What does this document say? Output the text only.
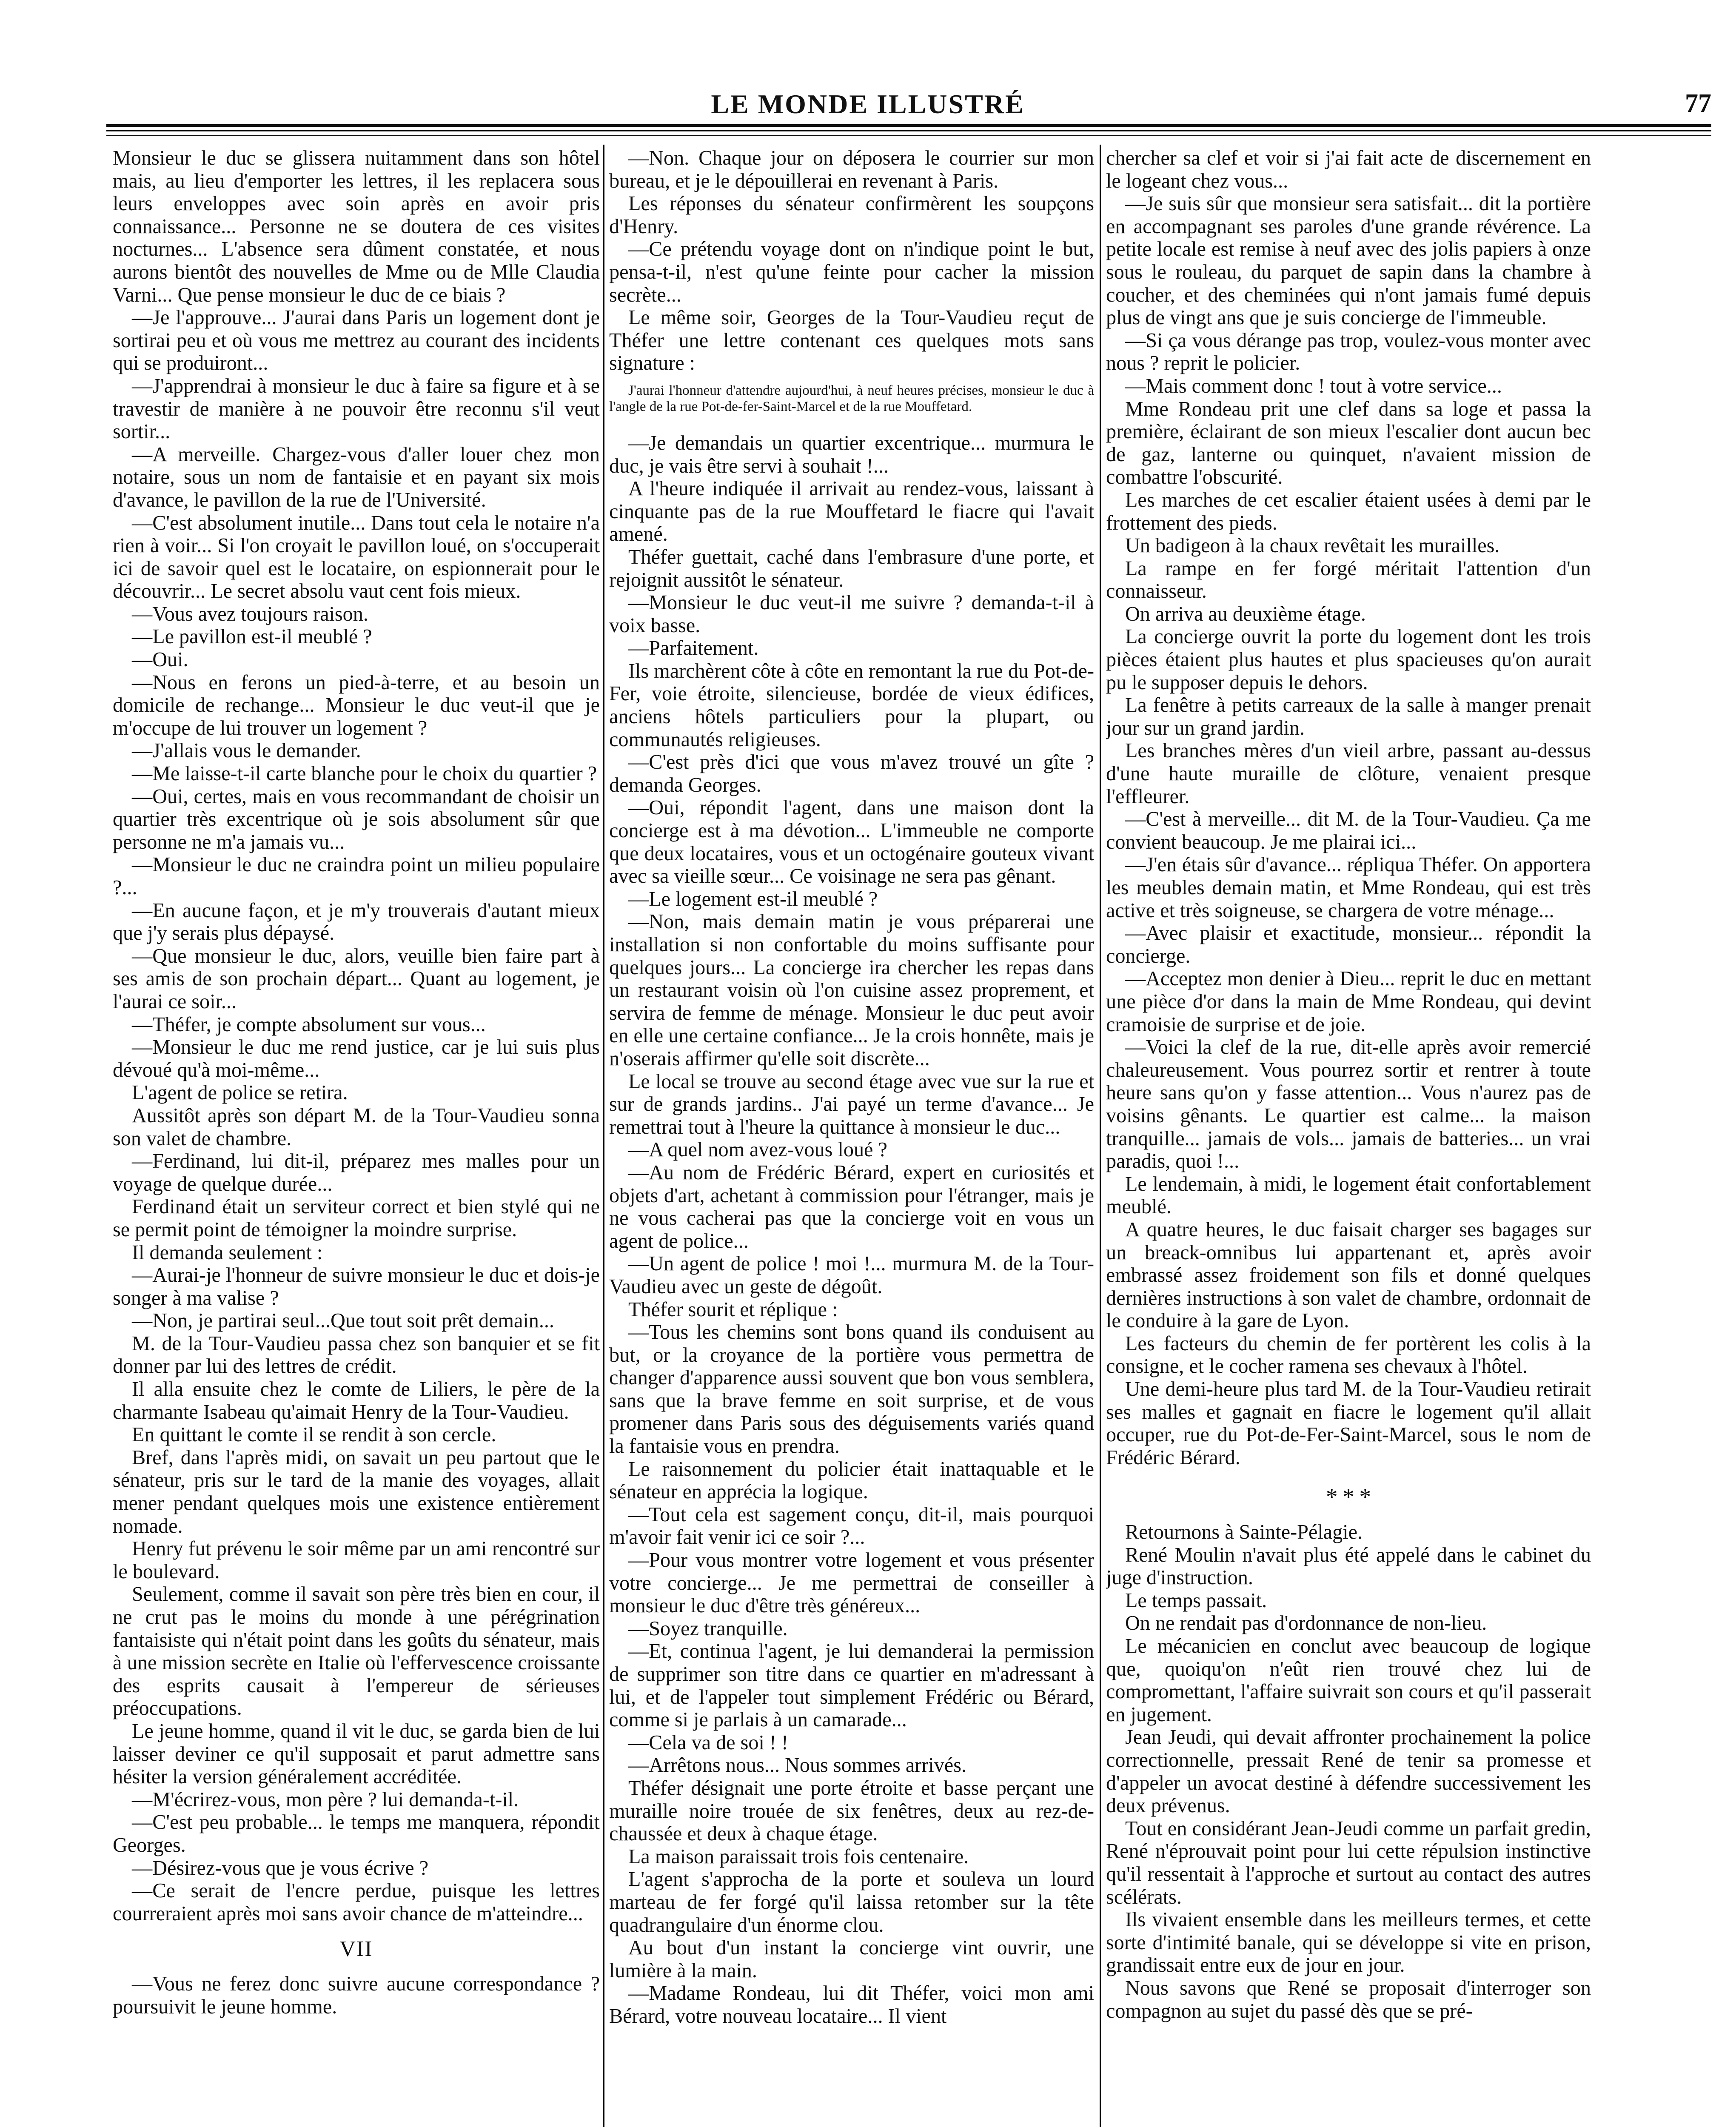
LE MONDE ILLUSTRÉ	77

Monsieur le duc se glissera nuitamment dans son hôtel mais, au lieu d'emporter les lettres, il les replacera sous leurs enveloppes avec soin après en avoir pris connaissance... Personne ne se doutera de ces visites nocturnes... L'absence sera dûment constatée, et nous aurons bientôt des nouvelles de Mme ou de Mlle Claudia Varni... Que pense monsieur le duc de ce biais ?

—Je l'approuve... J'aurai dans Paris un logement dont je sortirai peu et où vous me mettrez au courant des incidents qui se produiront...

—J'apprendrai à monsieur le duc à faire sa figure et à se travestir de manière à ne pouvoir être reconnu s'il veut sortir...

—A merveille. Chargez-vous d'aller louer chez mon notaire, sous un nom de fantaisie et en payant six mois d'avance, le pavillon de la rue de l'Université.

—C'est absolument inutile... Dans tout cela le notaire n'a rien à voir... Si l'on croyait le pavillon loué, on s'occuperait ici de savoir quel est le locataire, on espionnerait pour le découvrir... Le secret absolu vaut cent fois mieux.

—Vous avez toujours raison.

—Le pavillon est-il meublé ?

—Oui.

—Nous en ferons un pied-à-terre, et au besoin un domicile de rechange... Monsieur le duc veut-il que je m'occupe de lui trouver un logement ?

—J'allais vous le demander.

—Me laisse-t-il carte blanche pour le choix du quartier ?

—Oui, certes, mais en vous recommandant de choisir un quartier très excentrique où je sois absolument sûr que personne ne m'a jamais vu...

—Monsieur le duc ne craindra point un milieu populaire ?...

—En aucune façon, et je m'y trouverais d'autant mieux que j'y serais plus dépaysé.

—Que monsieur le duc, alors, veuille bien faire part à ses amis de son prochain départ... Quant au logement, je l'aurai ce soir...

—Théfer, je compte absolument sur vous...

—Monsieur le duc me rend justice, car je lui suis plus dévoué qu'à moi-même...

L'agent de police se retira.

Aussitôt après son départ M. de la Tour-Vaudieu sonna son valet de chambre.

—Ferdinand, lui dit-il, préparez mes malles pour un voyage de quelque durée...

Ferdinand était un serviteur correct et bien stylé qui ne se permit point de témoigner la moindre surprise.

Il demanda seulement :

—Aurai-je l'honneur de suivre monsieur le duc et dois-je songer à ma valise ?

—Non, je partirai seul...Que tout soit prêt demain...

M. de la Tour-Vaudieu passa chez son banquier et se fit donner par lui des lettres de crédit.

Il alla ensuite chez le comte de Liliers, le père de la charmante Isabeau qu'aimait Henry de la Tour-Vaudieu.

En quittant le comte il se rendit à son cercle.

Bref, dans l'après midi, on savait un peu partout que le sénateur, pris sur le tard de la manie des voyages, allait mener pendant quelques mois une existence entièrement nomade.

Henry fut prévenu le soir même par un ami rencontré sur le boulevard.

Seulement, comme il savait son père très bien en cour, il ne crut pas le moins du monde à une pérégrination fantaisiste qui n'était point dans les goûts du sénateur, mais à une mission secrète en Italie où l'effervescence croissante des esprits causait à l'empereur de sérieuses préoccupations.

Le jeune homme, quand il vit le duc, se garda bien de lui laisser deviner ce qu'il supposait et parut admettre sans hésiter la version généralement accréditée.

—M'écrirez-vous, mon père ? lui demanda-t-il.

—C'est peu probable... le temps me manquera, répondit Georges.

—Désirez-vous que je vous écrive ?

—Ce serait de l'encre perdue, puisque les lettres courreraient après moi sans avoir chance de m'atteindre...

VII

—Vous ne ferez donc suivre aucune correspondance ? poursuivit le jeune homme.

—Non. Chaque jour on déposera le courrier sur mon bureau, et je le dépouillerai en revenant à Paris.

Les réponses du sénateur confirmèrent les soupçons d'Henry.

—Ce prétendu voyage dont on n'indique point le but, pensa-t-il, n'est qu'une feinte pour cacher la mission secrète...

Le même soir, Georges de la Tour-Vaudieu reçut de Théfer une lettre contenant ces quelques mots sans signature :

J'aurai l'honneur d'attendre aujourd'hui, à neuf heures précises, monsieur le duc à l'angle de la rue Pot-de-fer-Saint-Marcel et de la rue Mouffetard.

—Je demandais un quartier excentrique... murmura le duc, je vais être servi à souhait !...

A l'heure indiquée il arrivait au rendez-vous, laissant à cinquante pas de la rue Mouffetard le fiacre qui l'avait amené.

Théfer guettait, caché dans l'embrasure d'une porte, et rejoignit aussitôt le sénateur.

—Monsieur le duc veut-il me suivre ? demanda-t-il à voix basse.

—Parfaitement.

Ils marchèrent côte à côte en remontant la rue du Pot-de-Fer, voie étroite, silencieuse, bordée de vieux édifices, anciens hôtels particuliers pour la plupart, ou communautés religieuses.

—C'est près d'ici que vous m'avez trouvé un gîte ? demanda Georges.

—Oui, répondit l'agent, dans une maison dont la concierge est à ma dévotion... L'immeuble ne comporte que deux locataires, vous et un octogénaire gouteux vivant avec sa vieille sœur... Ce voisinage ne sera pas gênant.

—Le logement est-il meublé ?

—Non, mais demain matin je vous préparerai une installation si non confortable du moins suffisante pour quelques jours... La concierge ira chercher les repas dans un restaurant voisin où l'on cuisine assez proprement, et servira de femme de ménage. Monsieur le duc peut avoir en elle une certaine confiance... Je la crois honnête, mais je n'oserais affirmer qu'elle soit discrète...

Le local se trouve au second étage avec vue sur la rue et sur de grands jardins.. J'ai payé un terme d'avance... Je remettrai tout à l'heure la quittance à monsieur le duc...

—A quel nom avez-vous loué ?

—Au nom de Frédéric Bérard, expert en curiosités et objets d'art, achetant à commission pour l'étranger, mais je ne vous cacherai pas que la concierge voit en vous un agent de police...

—Un agent de police ! moi !... murmura M. de la Tour-Vaudieu avec un geste de dégoût.

Théfer sourit et réplique :

—Tous les chemins sont bons quand ils conduisent au but, or la croyance de la portière vous permettra de changer d'apparence aussi souvent que bon vous semblera, sans que la brave femme en soit surprise, et de vous promener dans Paris sous des déguisements variés quand la fantaisie vous en prendra.

Le raisonnement du policier était inattaquable et le sénateur en apprécia la logique.

—Tout cela est sagement conçu, dit-il, mais pourquoi m'avoir fait venir ici ce soir ?...

—Pour vous montrer votre logement et vous présenter votre concierge... Je me permettrai de conseiller à monsieur le duc d'être très généreux...

—Soyez tranquille.

—Et, continua l'agent, je lui demanderai la permission de supprimer son titre dans ce quartier en m'adressant à lui, et de l'appeler tout simplement Frédéric ou Bérard, comme si je parlais à un camarade...

—Cela va de soi ! !

—Arrêtons nous... Nous sommes arrivés.

Théfer désignait une porte étroite et basse perçant une muraille noire trouée de six fenêtres, deux au rez-de-chaussée et deux à chaque étage.

La maison paraissait trois fois centenaire.

L'agent s'approcha de la porte et souleva un lourd marteau de fer forgé qu'il laissa retomber sur la tête quadrangulaire d'un énorme clou.

Au bout d'un instant la concierge vint ouvrir, une lumière à la main.

—Madame Rondeau, lui dit Théfer, voici mon ami Bérard, votre nouveau locataire... Il vient

chercher sa clef et voir si j'ai fait acte de discernement en le logeant chez vous...

—Je suis sûr que monsieur sera satisfait... dit la portière en accompagnant ses paroles d'une grande révérence. La petite locale est remise à neuf avec des jolis papiers à onze sous le rouleau, du parquet de sapin dans la chambre à coucher, et des cheminées qui n'ont jamais fumé depuis plus de vingt ans que je suis concierge de l'immeuble.

—Si ça vous dérange pas trop, voulez-vous monter avec nous ? reprit le policier.

—Mais comment donc ! tout à votre service...

Mme Rondeau prit une clef dans sa loge et passa la première, éclairant de son mieux l'escalier dont aucun bec de gaz, lanterne ou quinquet, n'avaient mission de combattre l'obscurité.

Les marches de cet escalier étaient usées à demi par le frottement des pieds.

Un badigeon à la chaux revêtait les murailles.

La rampe en fer forgé méritait l'attention d'un connaisseur.

On arriva au deuxième étage.

La concierge ouvrit la porte du logement dont les trois pièces étaient plus hautes et plus spacieuses qu'on aurait pu le supposer depuis le dehors.

La fenêtre à petits carreaux de la salle à manger prenait jour sur un grand jardin.

Les branches mères d'un vieil arbre, passant au-dessus d'une haute muraille de clôture, venaient presque l'effleurer.

—C'est à merveille... dit M. de la Tour-Vaudieu. Ça me convient beaucoup. Je me plairai ici...

—J'en étais sûr d'avance... répliqua Théfer. On apportera les meubles demain matin, et Mme Rondeau, qui est très active et très soigneuse, se chargera de votre ménage...

—Avec plaisir et exactitude, monsieur... répondit la concierge.

—Acceptez mon denier à Dieu... reprit le duc en mettant une pièce d'or dans la main de Mme Rondeau, qui devint cramoisie de surprise et de joie.

—Voici la clef de la rue, dit-elle après avoir remercié chaleureusement. Vous pourrez sortir et rentrer à toute heure sans qu'on y fasse attention... Vous n'aurez pas de voisins gênants. Le quartier est calme... la maison tranquille... jamais de vols... jamais de batteries... un vrai paradis, quoi !...

Le lendemain, à midi, le logement était confortablement meublé.

A quatre heures, le duc faisait charger ses bagages sur un breack-omnibus lui appartenant et, après avoir embrassé assez froidement son fils et donné quelques dernières instructions à son valet de chambre, ordonnait de le conduire à la gare de Lyon.

Les facteurs du chemin de fer portèrent les colis à la consigne, et le cocher ramena ses chevaux à l'hôtel.

Une demi-heure plus tard M. de la Tour-Vaudieu retirait ses malles et gagnait en fiacre le logement qu'il allait occuper, rue du Pot-de-Fer-Saint-Marcel, sous le nom de Frédéric Bérard.

* * *

Retournons à Sainte-Pélagie.

René Moulin n'avait plus été appelé dans le cabinet du juge d'instruction.

Le temps passait.

On ne rendait pas d'ordonnance de non-lieu.

Le mécanicien en conclut avec beaucoup de logique que, quoiqu'on n'eût rien trouvé chez lui de compromettant, l'affaire suivrait son cours et qu'il passerait en jugement.

Jean Jeudi, qui devait affronter prochainement la police correctionnelle, pressait René de tenir sa promesse et d'appeler un avocat destiné à défendre successivement les deux prévenus.

Tout en considérant Jean-Jeudi comme un parfait gredin, René n'éprouvait point pour lui cette répulsion instinctive qu'il ressentait à l'approche et surtout au contact des autres scélérats.

Ils vivaient ensemble dans les meilleurs termes, et cette sorte d'intimité banale, qui se développe si vite en prison, grandissait entre eux de jour en jour.

Nous savons que René se proposait d'interroger son compagnon au sujet du passé dès que se pré-
